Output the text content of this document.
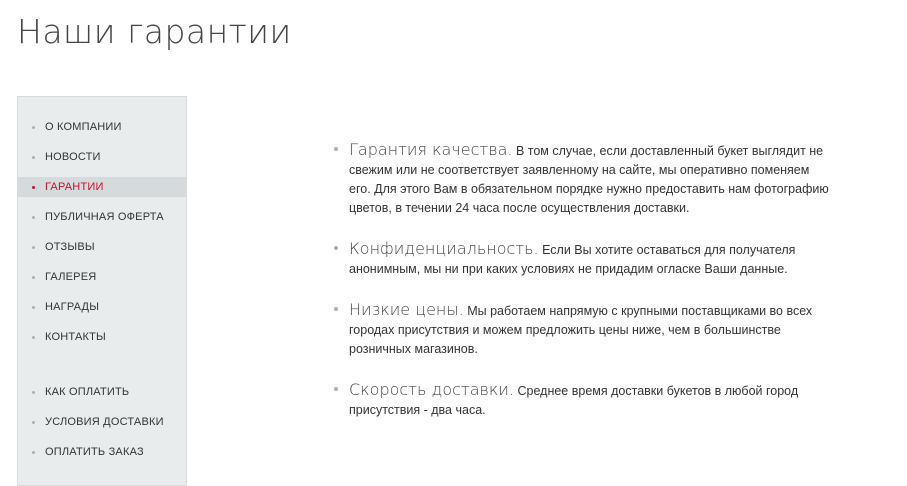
Наши гарантии
О КОМПАНИИ
НОВОСТИ
ГАРАНТИИ
ПУБЛИЧНАЯ ОФЕРТА
ОТЗЫВЫ
ГАЛЕРЕЯ
НАГРАДЫ
КОНТАКТЫ
КАК ОПЛАТИТЬ
УСЛОВИЯ ДОСТАВКИ
ОПЛАТИТЬ ЗАКАЗ
Гарантия качества. В том случае, если доставленный букет выглядит не свежим или не соответствует заявленному на сайте, мы оперативно поменяем его. Для этого Вам в обязательном порядке нужно предоставить нам фотографию цветов, в течении 24 часа после осуществления доставки.
Конфиденциальность. Если Вы хотите оставаться для получателя анонимным, мы ни при каких условиях не придадим огласке Ваши данные.
Низкие цены. Мы работаем напрямую с крупными поставщиками во всех городах присутствия и можем предложить цены ниже, чем в большинстве розничных магазинов.
Скорость доставки. Среднее время доставки букетов в любой город присутствия - два часа.
